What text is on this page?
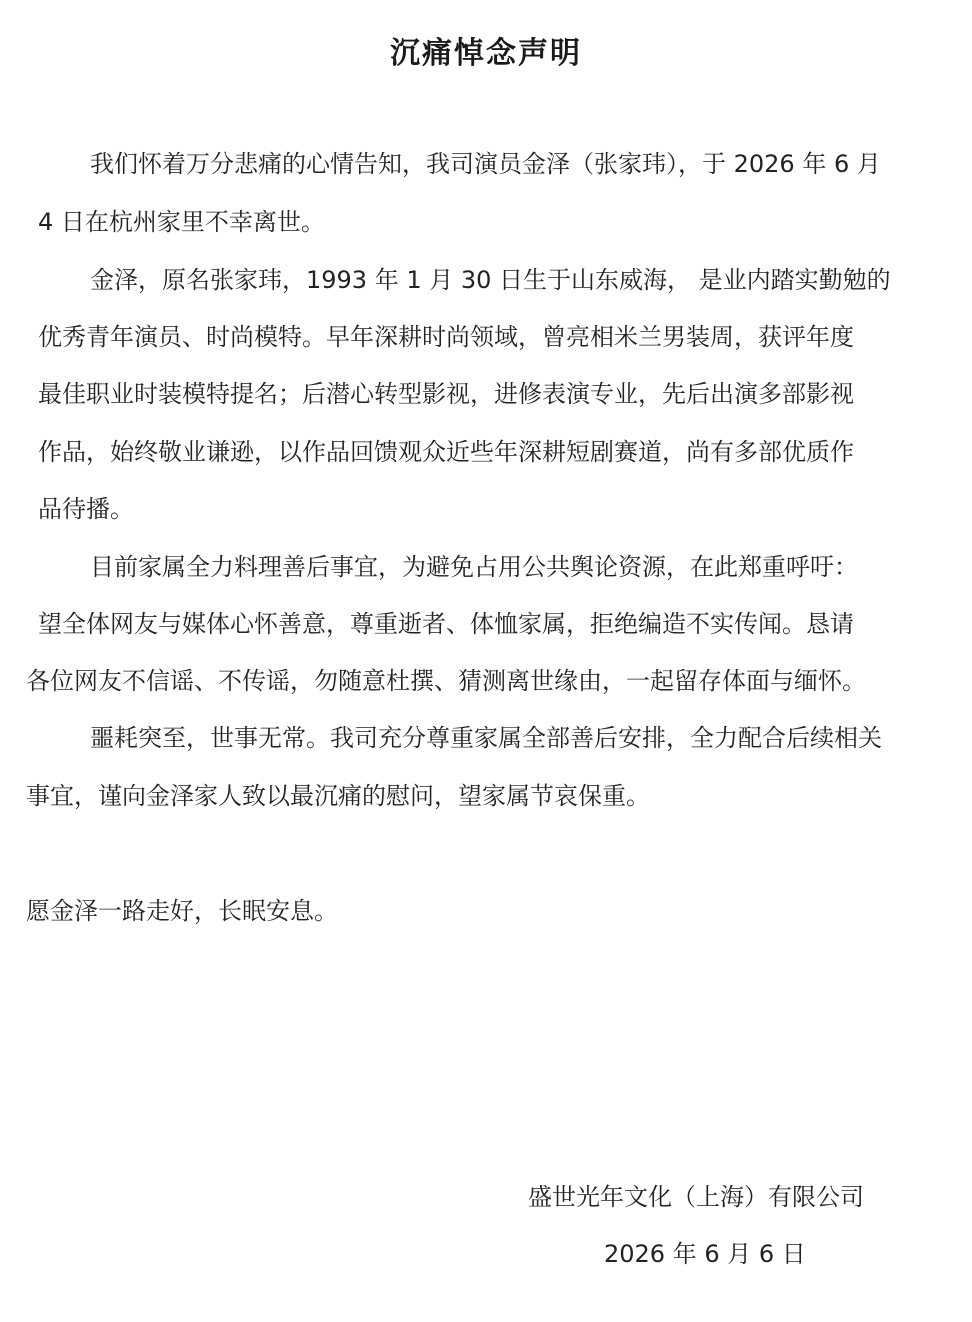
沉痛悼念声明
我们怀着万分悲痛的心情告知，我司演员金泽（张家玮），于 2026 年 6 月
4 日在杭州家里不幸离世。
金泽，原名张家玮，1993 年 1 月 30 日生于山东威海， 是业内踏实勤勉的
优秀青年演员、时尚模特。早年深耕时尚领域，曾亮相米兰男装周，获评年度
最佳职业时装模特提名；后潜心转型影视，进修表演专业，先后出演多部影视
作品，始终敬业谦逊，以作品回馈观众近些年深耕短剧赛道，尚有多部优质作
品待播。
目前家属全力料理善后事宜，为避免占用公共舆论资源，在此郑重呼吁：
望全体网友与媒体心怀善意，尊重逝者、体恤家属，拒绝编造不实传闻。恳请
各位网友不信谣、不传谣，勿随意杜撰、猜测离世缘由，一起留存体面与缅怀。
噩耗突至，世事无常。我司充分尊重家属全部善后安排，全力配合后续相关
事宜，谨向金泽家人致以最沉痛的慰问，望家属节哀保重。
愿金泽一路走好，长眠安息。
盛世光年文化（上海）有限公司
2026 年 6 月 6 日
